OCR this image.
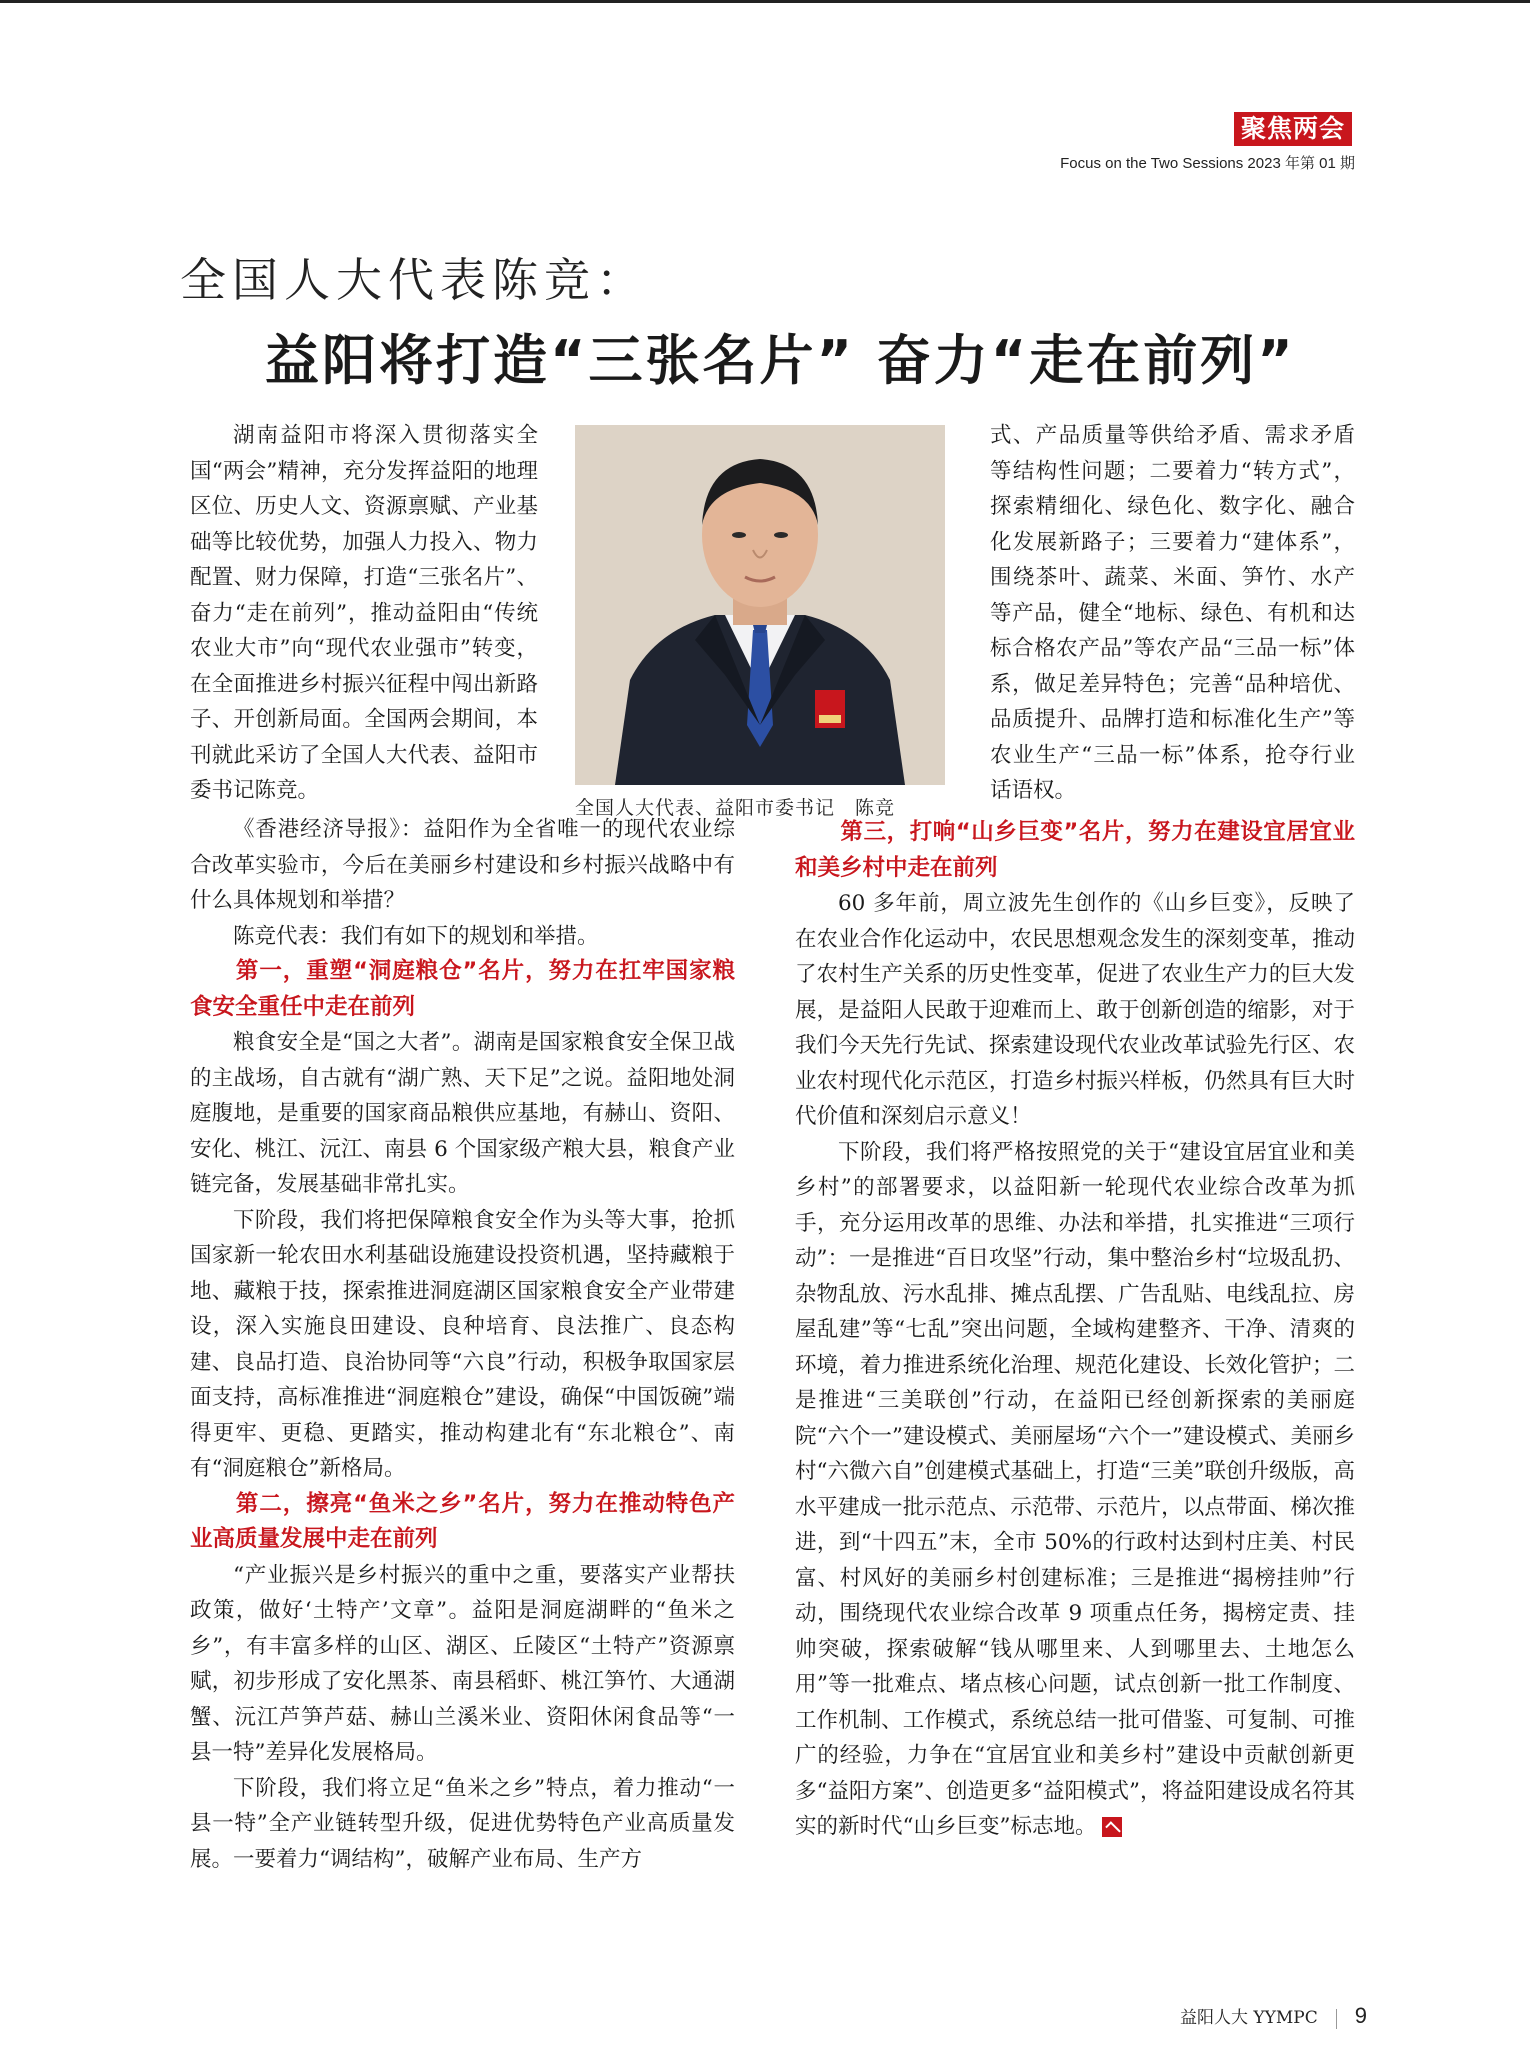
聚焦两会
Focus on the Two Sessions 2023 年第 01 期
全国人大代表陈竞：
益阳将打造“三张名片” 奋力“走在前列”

湖南益阳市将深入贯彻落实全国“两会”精神，充分发挥益阳的地理区位、历史人文、资源禀赋、产业基础等比较优势，加强人力投入、物力配置、财力保障，打造“三张名片”、奋力“走在前列”，推动益阳由“传统农业大市”向“现代农业强市”转变，在全面推进乡村振兴征程中闯出新路子、开创新局面。全国两会期间，本刊就此采访了全国人大代表、益阳市委书记陈竞。

全国人大代表、益阳市委书记　陈竞

《香港经济导报》：益阳作为全省唯一的现代农业综合改革实验市，今后在美丽乡村建设和乡村振兴战略中有什么具体规划和举措？

陈竞代表：我们有如下的规划和举措。

第一，重塑“洞庭粮仓”名片，努力在扛牢国家粮食安全重任中走在前列

粮食安全是“国之大者”。湖南是国家粮食安全保卫战的主战场，自古就有“湖广熟、天下足”之说。益阳地处洞庭腹地，是重要的国家商品粮供应基地，有赫山、资阳、安化、桃江、沅江、南县 6 个国家级产粮大县，粮食产业链完备，发展基础非常扎实。

下阶段，我们将把保障粮食安全作为头等大事，抢抓国家新一轮农田水利基础设施建设投资机遇，坚持藏粮于地、藏粮于技，探索推进洞庭湖区国家粮食安全产业带建设，深入实施良田建设、良种培育、良法推广、良态构建、良品打造、良治协同等“六良”行动，积极争取国家层面支持，高标准推进“洞庭粮仓”建设，确保“中国饭碗”端得更牢、更稳、更踏实，推动构建北有“东北粮仓”、南有“洞庭粮仓”新格局。

第二，擦亮“鱼米之乡”名片，努力在推动特色产业高质量发展中走在前列

“产业振兴是乡村振兴的重中之重，要落实产业帮扶政策，做好‘土特产’文章”。益阳是洞庭湖畔的“鱼米之乡”，有丰富多样的山区、湖区、丘陵区“土特产”资源禀赋，初步形成了安化黑茶、南县稻虾、桃江笋竹、大通湖蟹、沅江芦笋芦菇、赫山兰溪米业、资阳休闲食品等“一县一特”差异化发展格局。

下阶段，我们将立足“鱼米之乡”特点，着力推动“一县一特”全产业链转型升级，促进优势特色产业高质量发展。一要着力“调结构”，破解产业布局、生产方

式、产品质量等供给矛盾、需求矛盾等结构性问题；二要着力“转方式”，探索精细化、绿色化、数字化、融合化发展新路子；三要着力“建体系”，围绕茶叶、蔬菜、米面、笋竹、水产等产品，健全“地标、绿色、有机和达标合格农产品”等农产品“三品一标”体系，做足差异特色；完善“品种培优、品质提升、品牌打造和标准化生产”等农业生产“三品一标”体系，抢夺行业话语权。

第三，打响“山乡巨变”名片，努力在建设宜居宜业和美乡村中走在前列

60 多年前，周立波先生创作的《山乡巨变》，反映了在农业合作化运动中，农民思想观念发生的深刻变革，推动了农村生产关系的历史性变革，促进了农业生产力的巨大发展，是益阳人民敢于迎难而上、敢于创新创造的缩影，对于我们今天先行先试、探索建设现代农业改革试验先行区、农业农村现代化示范区，打造乡村振兴样板，仍然具有巨大时代价值和深刻启示意义！

下阶段，我们将严格按照党的关于“建设宜居宜业和美乡村”的部署要求，以益阳新一轮现代农业综合改革为抓手，充分运用改革的思维、办法和举措，扎实推进“三项行动”：一是推进“百日攻坚”行动，集中整治乡村“垃圾乱扔、杂物乱放、污水乱排、摊点乱摆、广告乱贴、电线乱拉、房屋乱建”等“七乱”突出问题，全域构建整齐、干净、清爽的环境，着力推进系统化治理、规范化建设、长效化管护；二是推进“三美联创”行动，在益阳已经创新探索的美丽庭院“六个一”建设模式、美丽屋场“六个一”建设模式、美丽乡村“六微六自”创建模式基础上，打造“三美”联创升级版，高水平建成一批示范点、示范带、示范片，以点带面、梯次推进，到“十四五”末，全市 50%的行政村达到村庄美、村民富、村风好的美丽乡村创建标准；三是推进“揭榜挂帅”行动，围绕现代农业综合改革 9 项重点任务，揭榜定责、挂帅突破，探索破解“钱从哪里来、人到哪里去、土地怎么用”等一批难点、堵点核心问题，试点创新一批工作制度、工作机制、工作模式，系统总结一批可借鉴、可复制、可推广的经验，力争在“宜居宜业和美乡村”建设中贡献创新更多“益阳方案”、创造更多“益阳模式”，将益阳建设成名符其实的新时代“山乡巨变”标志地。

益阳人大 YYMPC 9
